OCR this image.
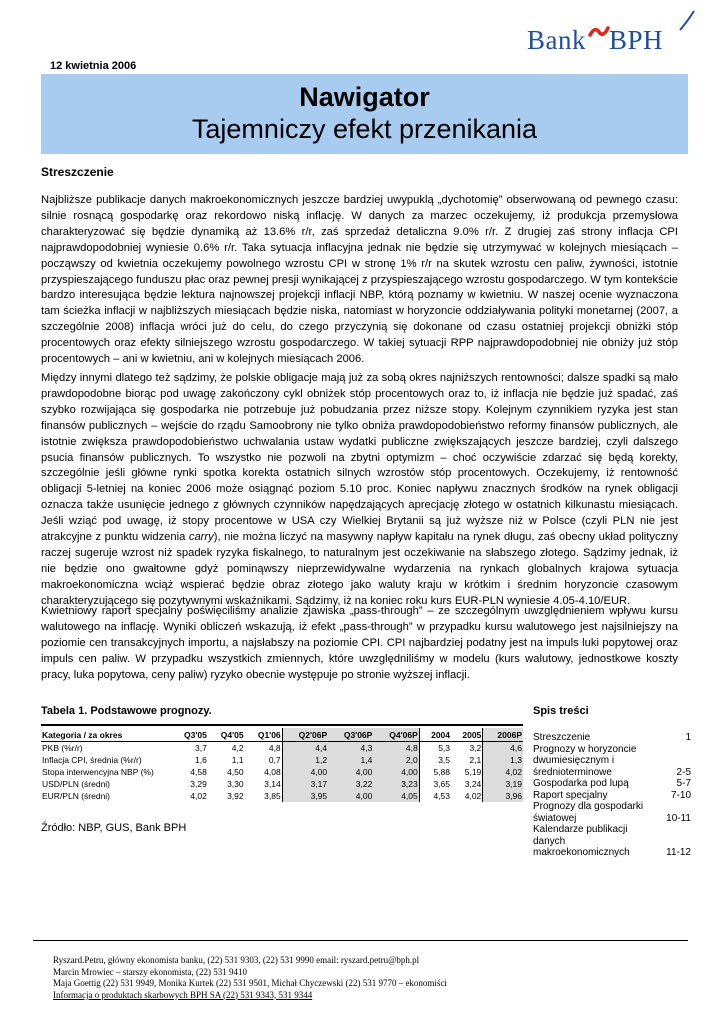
Bank BPH
12 kwietnia 2006
Nawigator
Tajemniczy efekt przenikania
Streszczenie
Najbliższe publikacje danych makroekonomicznych jeszcze bardziej uwypuklą „dychotomię” obserwowaną od pewnego czasu: silnie rosnącą gospodarkę oraz rekordowo niską inflację. W danych za marzec oczekujemy, iż produkcja przemysłowa charakteryzować się będzie dynamiką aż 13.6% r/r, zaś sprzedaż detaliczna 9.0% r/r. Z drugiej zaś strony inflacja CPI najprawdopodobniej wyniesie 0.6% r/r. Taka sytuacja inflacyjna jednak nie będzie się utrzymywać w kolejnych miesiącach – począwszy od kwietnia oczekujemy powolnego wzrostu CPI w stronę 1% r/r na skutek wzrostu cen paliw, żywności, istotnie przyspieszającego funduszu płac oraz pewnej presji wynikającej z przyspieszającego wzrostu gospodarczego. W tym kontekście bardzo interesująca będzie lektura najnowszej projekcji inflacji NBP, którą poznamy w kwietniu. W naszej ocenie wyznaczona tam ścieżka inflacji w najbliższych miesiącach będzie niska, natomiast w horyzoncie oddziaływania polityki monetarnej (2007, a szczególnie 2008) inflacja wróci już do celu, do czego przyczynią się dokonane od czasu ostatniej projekcji obniżki stóp procentowych oraz efekty silniejszego wzrostu gospodarczego. W takiej sytuacji RPP najprawdopodobniej nie obniży już stóp procentowych – ani w kwietniu, ani w kolejnych miesiącach 2006.
Między innymi dlatego też sądzimy, że polskie obligacje mają już za sobą okres najniższych rentowności; dalsze spadki są mało prawdopodobne biorąc pod uwagę zakończony cykl obniżek stóp procentowych oraz to, iż inflacja nie będzie już spadać, zaś szybko rozwijająca się gospodarka nie potrzebuje już pobudzania przez niższe stopy. Kolejnym czynnikiem ryzyka jest stan finansów publicznych – wejście do rządu Samoobrony nie tylko obniża prawdopodobieństwo reformy finansów publicznych, ale istotnie zwiększa prawdopodobieństwo uchwalania ustaw wydatki publiczne zwiększających jeszcze bardziej, czyli dalszego psucia finansów publicznych. To wszystko nie pozwoli na zbytni optymizm – choć oczywiście zdarzać się będą korekty, szczególnie jeśli główne rynki spotka korekta ostatnich silnych wzrostów stóp procentowych. Oczekujemy, iż rentowność obligacji 5-letniej na koniec 2006 może osiągnąć poziom 5.10 proc. Koniec napływu znacznych środków na rynek obligacji oznacza także usunięcie jednego z głównych czynników napędzających aprecjację złotego w ostatnich kilkunastu miesiącach. Jeśli wziąć pod uwagę, iż stopy procentowe w USA czy Wielkiej Brytanii są już wyższe niż w Polsce (czyli PLN nie jest atrakcyjne z punktu widzenia carry), nie można liczyć na masywny napływ kapitału na rynek długu, zaś obecny układ polityczny raczej sugeruje wzrost niż spadek ryzyka fiskalnego, to naturalnym jest oczekiwanie na słabszego złotego. Sądzimy jednak, iż nie będzie ono gwałtowne gdyż pominąwszy nieprzewidywalne wydarzenia na rynkach globalnych krajowa sytuacja makroekonomiczna wciąż wspierać będzie obraz złotego jako waluty kraju w krótkim i średnim horyzoncie czasowym charakteryzującego się pozytywnymi wskaźnikami. Sądzimy, iż na koniec roku kurs EUR-PLN wyniesie 4.05-4.10/EUR.
Kwietniowy raport specjalny poświęciliśmy analizie zjawiska „pass-through” – ze szczególnym uwzględnieniem wpływu kursu walutowego na inflację. Wyniki obliczeń wskazują, iż efekt „pass-through” w przypadku kursu walutowego jest najsilniejszy na poziomie cen transakcyjnych importu, a najsłabszy na poziomie CPI. CPI najbardziej podatny jest na impuls luki popytowej oraz impuls cen paliw. W przypadku wszystkich zmiennych, które uwzględniliśmy w modelu (kurs walutowy, jednostkowe koszty pracy, luka popytowa, ceny paliw) ryzyko obecnie występuje po stronie wyższej inflacji.
Tabela 1. Podstawowe prognozy.
Kategoria / za okres	Q3'05	Q4'05	Q1'06	Q2'06P	Q3'06P	Q4'06P	2004	2005	2006P
PKB (%r/r)	3,7	4,2	4,8	4,4	4,3	4,8	5,3	3,2	4,6
Inflacja CPI, średnia (%r/r)	1,6	1,1	0,7	1,2	1,4	2,0	3,5	2,1	1,3
Stopa interwencyjna NBP (%)	4,58	4,50	4,08	4,00	4,00	4,00	5,88	5,19	4,02
USD/PLN (średni)	3,29	3,30	3,14	3,17	3,22	3,23	3,65	3,24	3,19
EUR/PLN (średni)	4,02	3,92	3,85	3,95	4,00	4,05	4,53	4,02	3,96
Źródło: NBP, GUS, Bank BPH
Spis treści
Streszczenie	1
Prognozy w horyzoncie dwumiesięcznym i średnioterminowe	2-5
Gospodarka pod lupą	5-7
Raport specjalny	7-10
Prognozy dla gospodarki światowej	10-11
Kalendarze publikacji danych makroekonomicznych	11-12
Ryszard.Petru, główny ekonomista banku, (22) 531 9303, (22) 531 9990 email: ryszard.petru@bph.pl
Marcin Mrowiec – starszy ekonomista, (22) 531 9410
Maja Goettig (22) 531 9949, Monika Kurtek (22) 531 9501, Michał Chyczewski (22) 531 9770 – ekonomiści
Informacja o produktach skarbowych BPH SA (22) 531 9343, 531 9344
